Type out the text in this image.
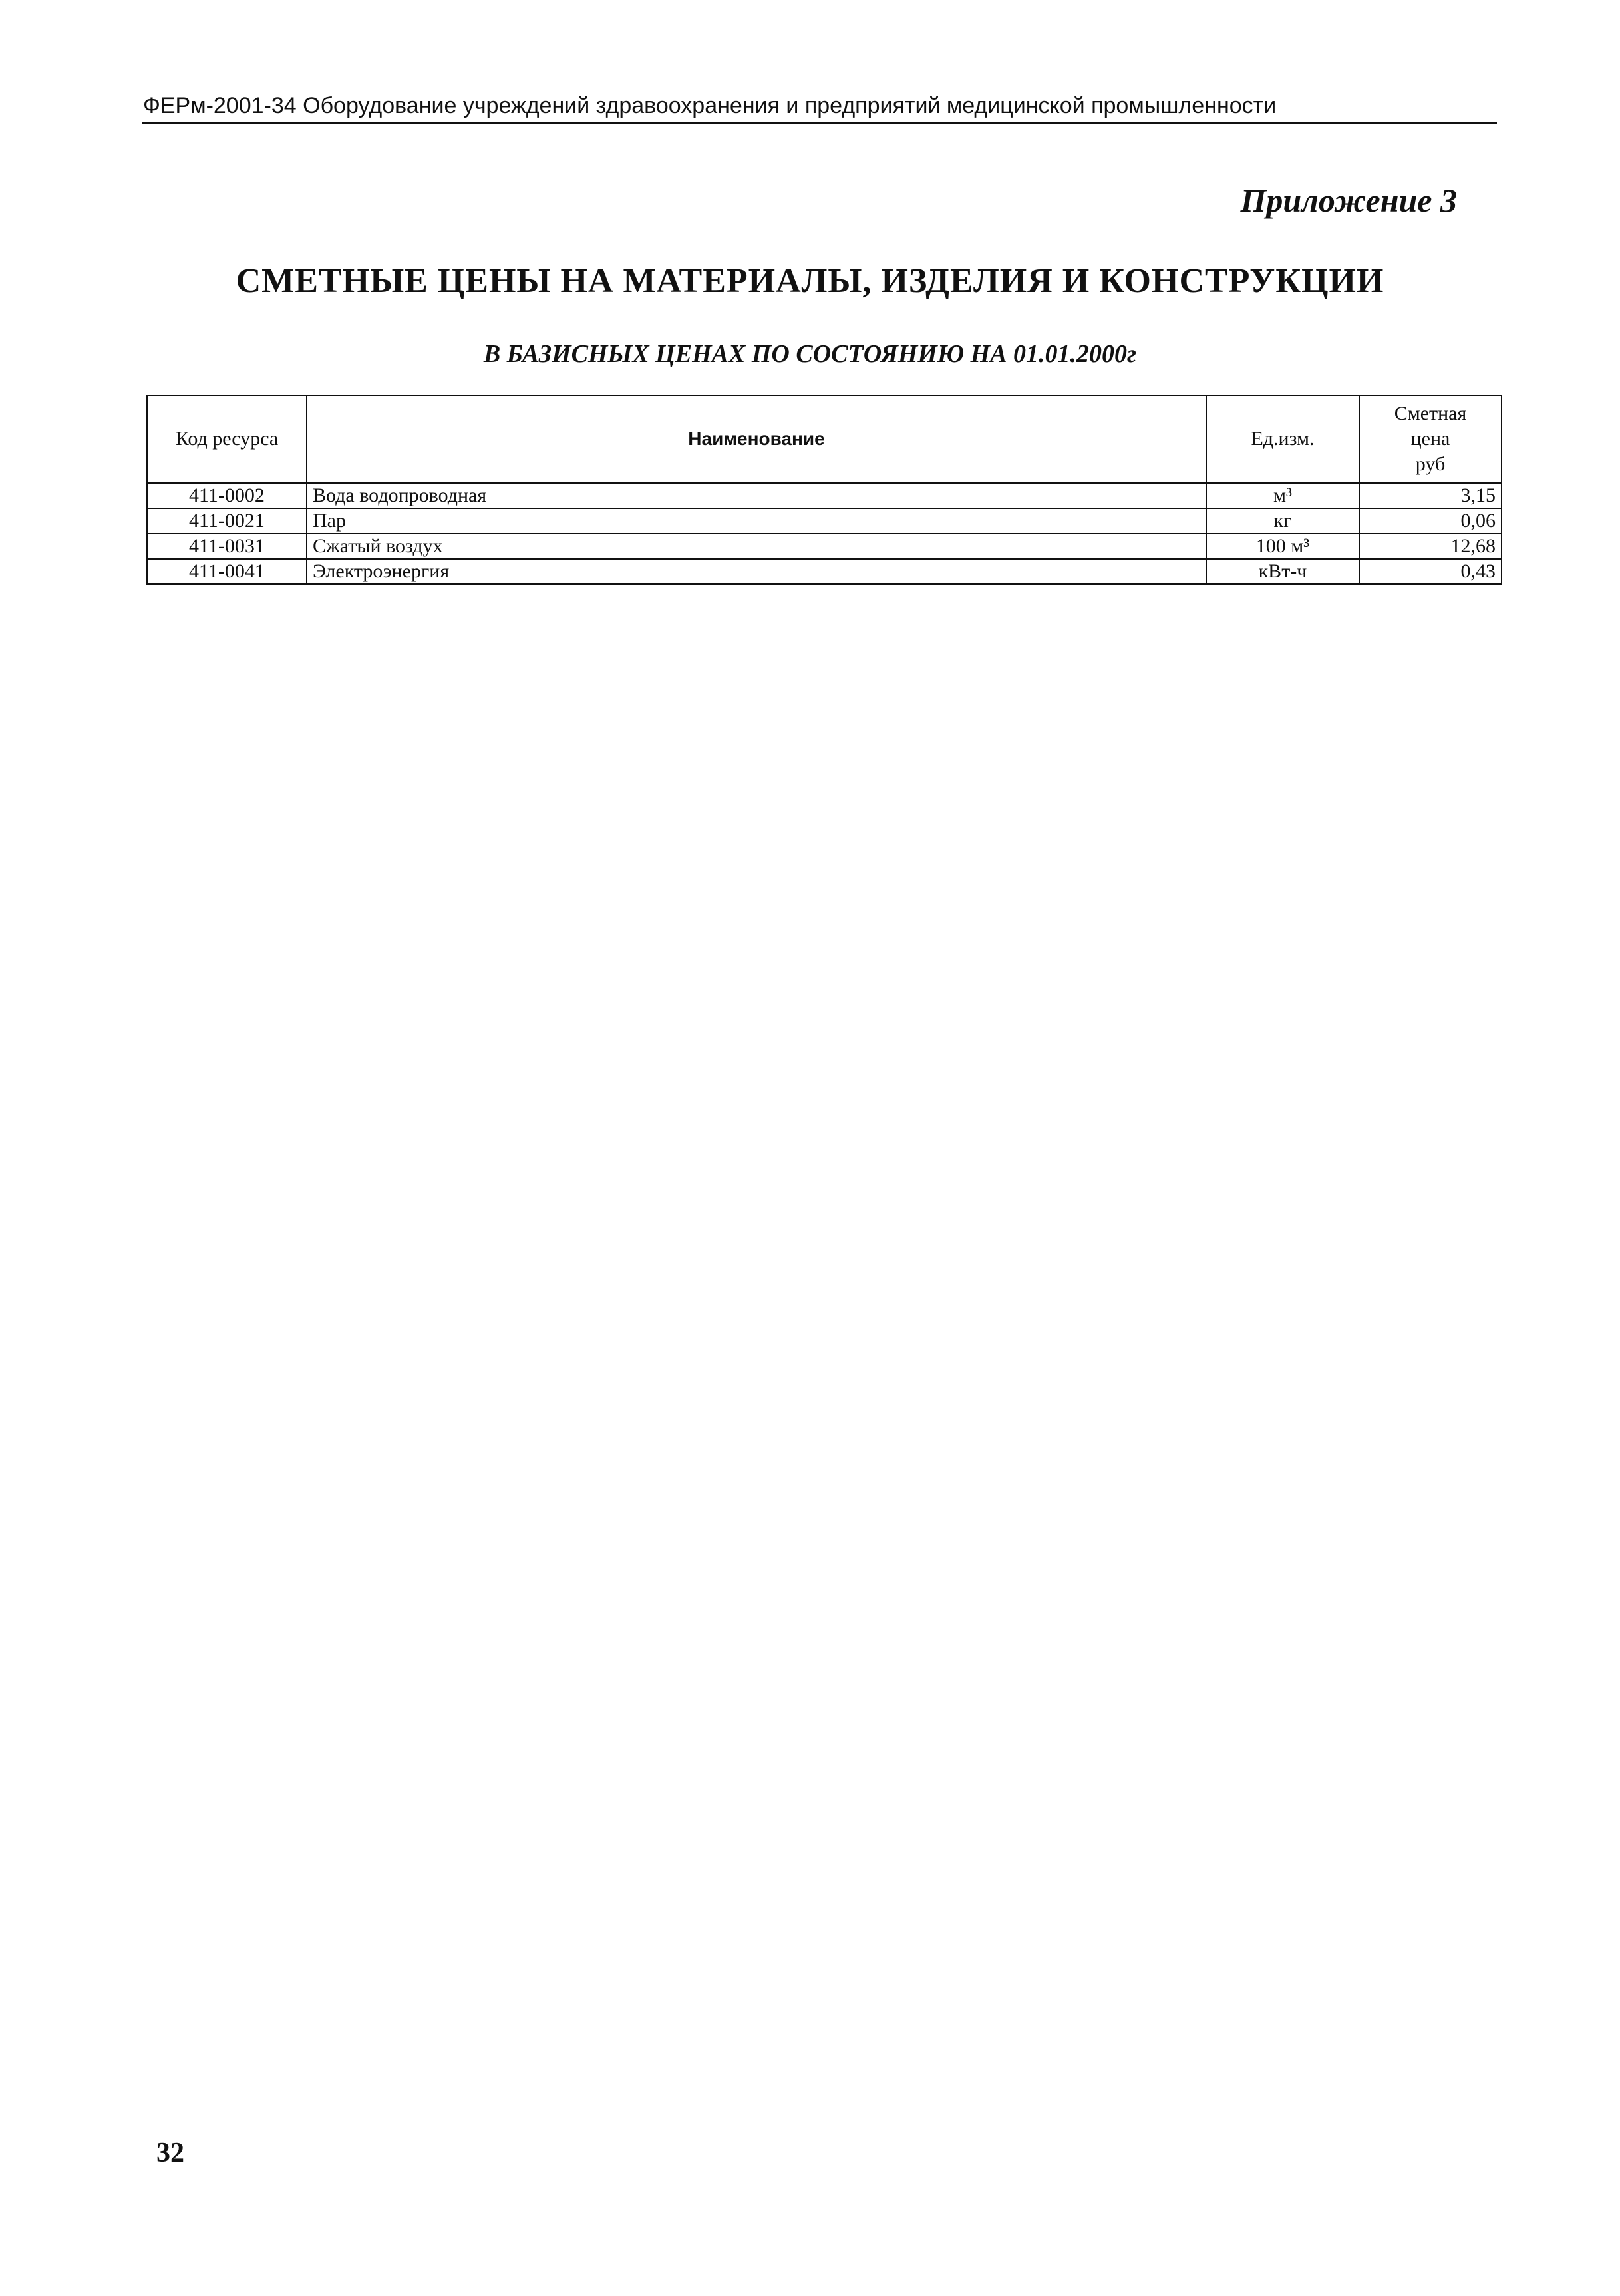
ФЕРм-2001-34 Оборудование учреждений здравоохранения и предприятий медицинской промышленности
Приложение 3
СМЕТНЫЕ ЦЕНЫ НА МАТЕРИАЛЫ, ИЗДЕЛИЯ И КОНСТРУКЦИИ
В БАЗИСНЫХ ЦЕНАХ ПО СОСТОЯНИЮ НА 01.01.2000г
Код ресурса	Наименование	Ед.изм.	Сметная
цена
руб

411-0002	Вода водопроводная	м³	3,15
411-0021	Пар	кг	0,06
411-0031	Сжатый воздух	100 м³	12,68
411-0041	Электроэнергия	кВт-ч	0,43
32
